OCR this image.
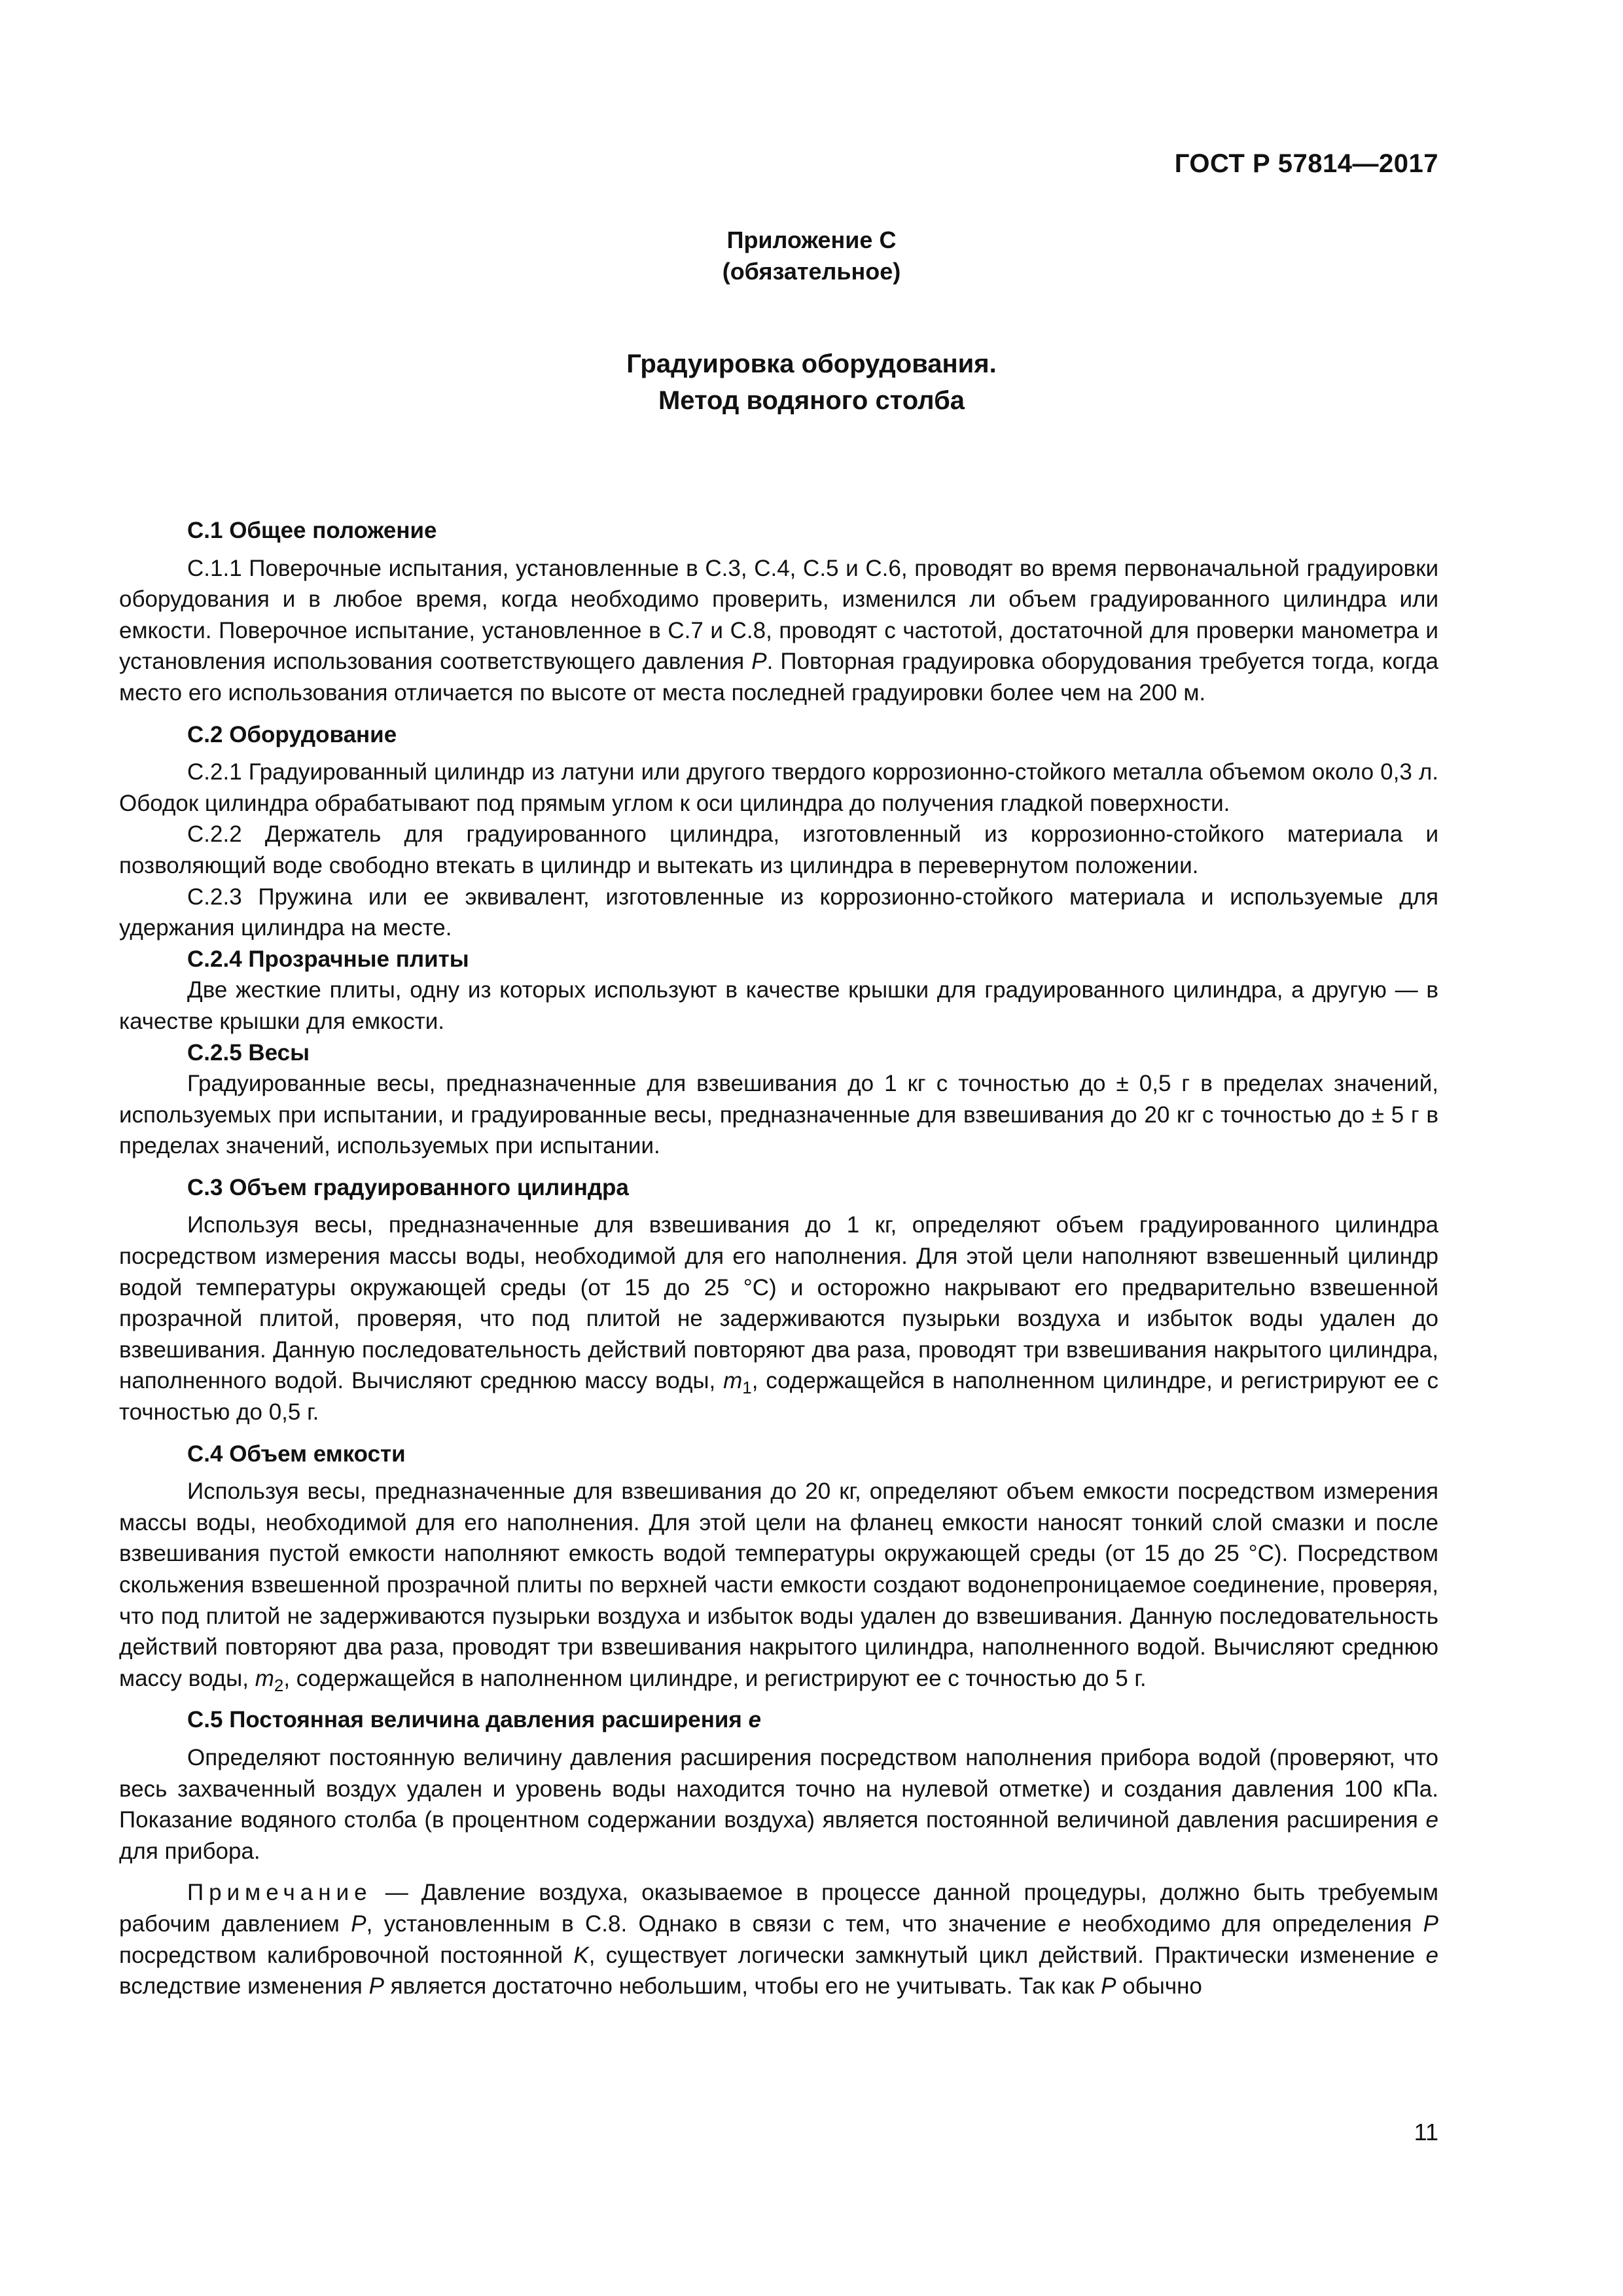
ГОСТ Р 57814—2017
Приложение С
(обязательное)
Градуировка оборудования.
Метод водяного столба
С.1 Общее положение

С.1.1 Поверочные испытания, установленные в С.3, С.4, С.5 и С.6, проводят во время первоначальной градуировки оборудования и в любое время, когда необходимо проверить, изменился ли объем градуированного цилиндра или емкости. Поверочное испытание, установленное в С.7 и С.8, проводят с частотой, достаточной для проверки манометра и установления использования соответствующего давления P. Повторная градуировка оборудования требуется тогда, когда место его использования отличается по высоте от места последней градуировки более чем на 200 м.

С.2 Оборудование

С.2.1 Градуированный цилиндр из латуни или другого твердого коррозионно-стойкого металла объемом около 0,3 л. Ободок цилиндра обрабатывают под прямым углом к оси цилиндра до получения гладкой поверхности.

С.2.2 Держатель для градуированного цилиндра, изготовленный из коррозионно-стойкого материала и позволяющий воде свободно втекать в цилиндр и вытекать из цилиндра в перевернутом положении.

С.2.3 Пружина или ее эквивалент, изготовленные из коррозионно-стойкого материала и используемые для удержания цилиндра на месте.

С.2.4 Прозрачные плиты

Две жесткие плиты, одну из которых используют в качестве крышки для градуированного цилиндра, а другую — в качестве крышки для емкости.

С.2.5 Весы

Градуированные весы, предназначенные для взвешивания до 1 кг с точностью до ± 0,5 г в пределах значений, используемых при испытании, и градуированные весы, предназначенные для взвешивания до 20 кг с точностью до ± 5 г в пределах значений, используемых при испытании.

С.3 Объем градуированного цилиндра

Используя весы, предназначенные для взвешивания до 1 кг, определяют объем градуированного цилиндра посредством измерения массы воды, необходимой для его наполнения. Для этой цели наполняют взвешенный цилиндр водой температуры окружающей среды (от 15 до 25 °С) и осторожно накрывают его предварительно взвешенной прозрачной плитой, проверяя, что под плитой не задерживаются пузырьки воздуха и избыток воды удален до взвешивания. Данную последовательность действий повторяют два раза, проводят три взвешивания накрытого цилиндра, наполненного водой. Вычисляют среднюю массу воды, $m_1$, содержащейся в наполненном цилиндре, и регистрируют ее с точностью до 0,5 г.

С.4 Объем емкости

Используя весы, предназначенные для взвешивания до 20 кг, определяют объем емкости посредством измерения массы воды, необходимой для его наполнения. Для этой цели на фланец емкости наносят тонкий слой смазки и после взвешивания пустой емкости наполняют емкость водой температуры окружающей среды (от 15 до 25 °С). Посредством скольжения взвешенной прозрачной плиты по верхней части емкости создают водонепроницаемое соединение, проверяя, что под плитой не задерживаются пузырьки воздуха и избыток воды удален до взвешивания. Данную последовательность действий повторяют два раза, проводят три взвешивания накрытого цилиндра, наполненного водой. Вычисляют среднюю массу воды, $m_2$, содержащейся в наполненном цилиндре, и регистрируют ее с точностью до 5 г.

С.5 Постоянная величина давления расширения e

Определяют постоянную величину давления расширения посредством наполнения прибора водой (проверяют, что весь захваченный воздух удален и уровень воды находится точно на нулевой отметке) и создания давления 100 кПа. Показание водяного столба (в процентном содержании воздуха) является постоянной величиной давления расширения e для прибора.

Примечание — Давление воздуха, оказываемое в процессе данной процедуры, должно быть требуемым рабочим давлением P, установленным в С.8. Однако в связи с тем, что значение e необходимо для определения P посредством калибровочной постоянной K, существует логически замкнутый цикл действий. Практически изменение e вследствие изменения P является достаточно небольшим, чтобы его не учитывать. Так как P обычно

11
